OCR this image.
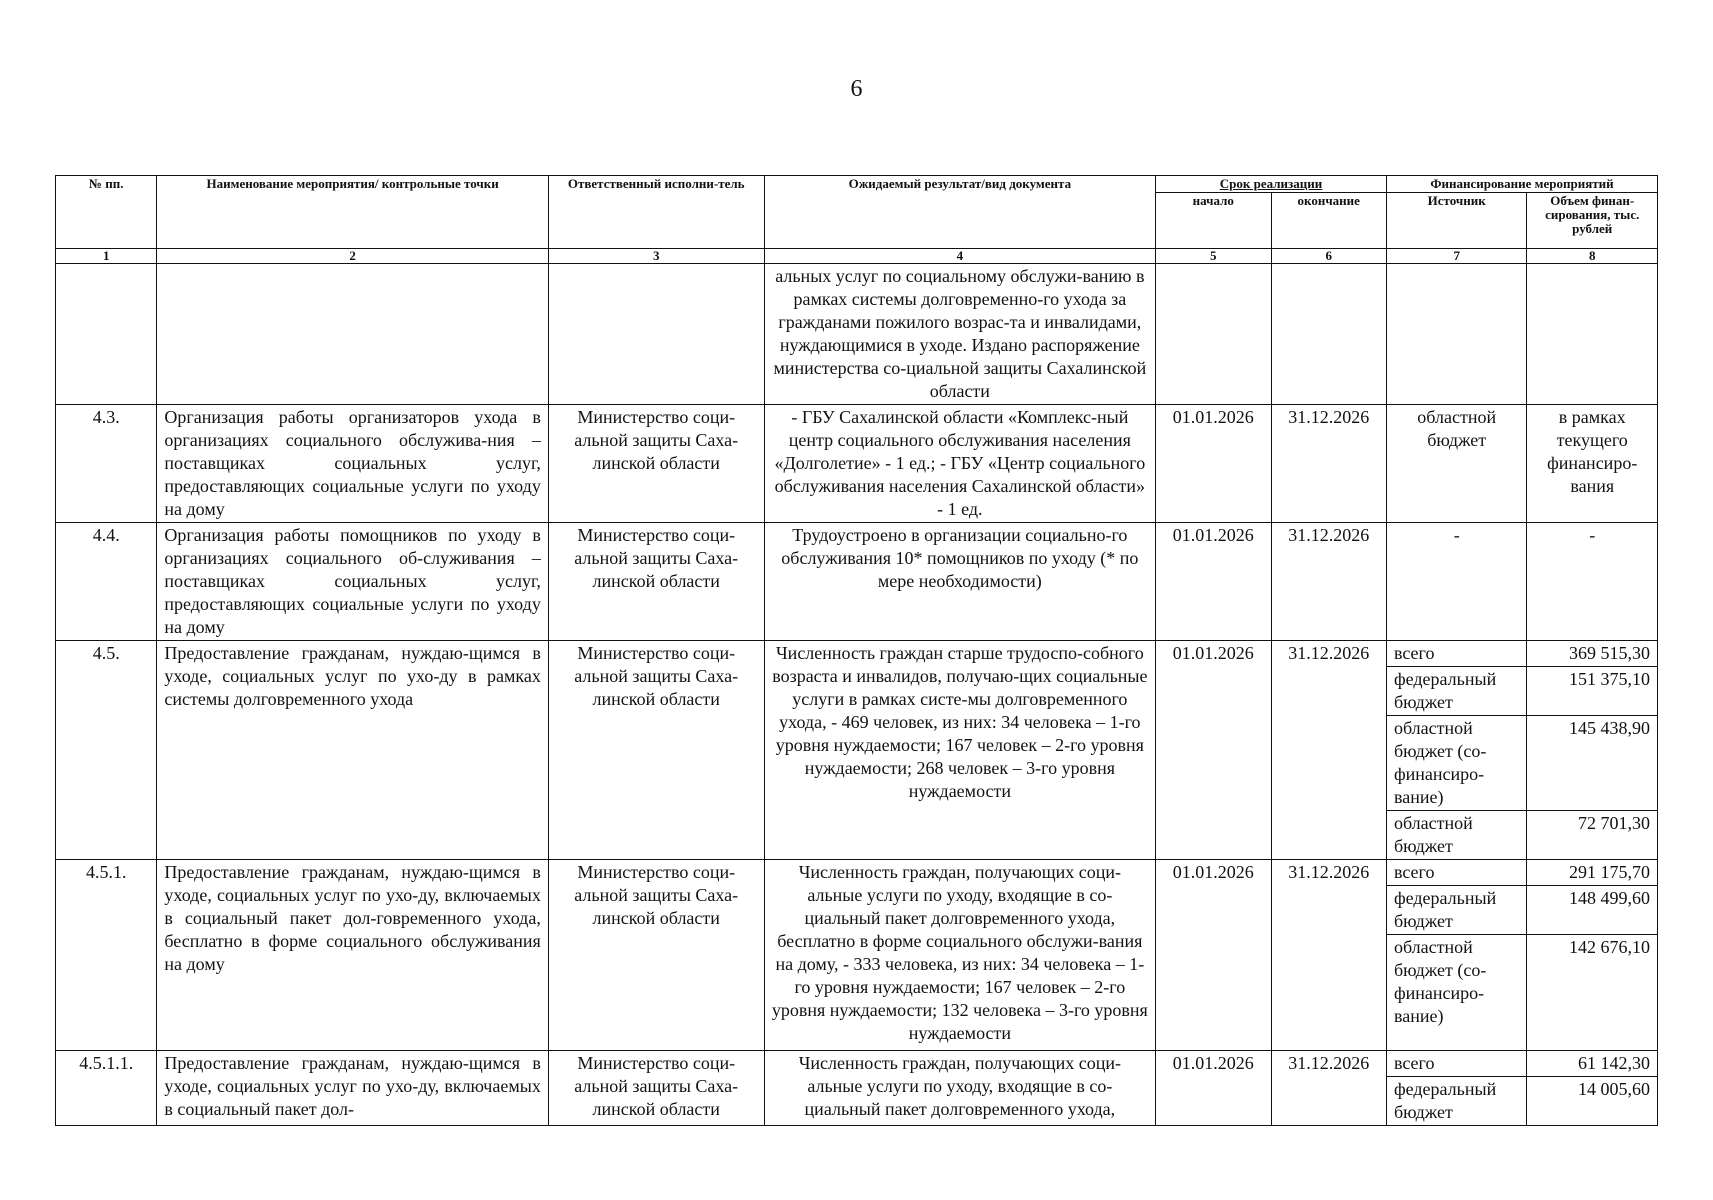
6
№ пп.	Наименование мероприятия/ контрольные точки	Ответственный исполни-тель	Ожидаемый результат/вид документа	Срок реализации		Финансирование мероприятий	
				начало	окончание	Источник	Объем финан-сирования, тыс. рублей
1	2	3	4	5	6	7	8
			альных услуг по социальному обслужи-ванию в рамках системы долговременно-го ухода за гражданами пожилого возрас-та и инвалидами, нуждающимися в уходе. Издано распоряжение министерства со-циальной защиты Сахалинской области				
4.3.	Организация работы организаторов ухода в организациях социального обслужива-ния – поставщиках социальных услуг, предоставляющих социальные услуги по уходу на дому	Министерство соци-альной защиты Саха-линской области	- ГБУ Сахалинской области «Комплекс-ный центр социального обслуживания населения «Долголетие» - 1 ед.; - ГБУ «Центр социального обслуживания населения Сахалинской области» - 1 ед.	01.01.2026	31.12.2026	областной бюджет	в рамках текущего финансиро-вания
4.4.	Организация работы помощников по уходу в организациях социального об-служивания – поставщиках социальных услуг, предоставляющих социальные услуги по уходу на дому	Министерство соци-альной защиты Саха-линской области	Трудоустроено в организации социально-го обслуживания 10* помощников по уходу (* по мере необходимости)	01.01.2026	31.12.2026	-	-
4.5.	Предоставление гражданам, нуждаю-щимся в уходе, социальных услуг по ухо-ду в рамках системы долговременного ухода	Министерство соци-альной защиты Саха-линской области	Численность граждан старше трудоспо-собного возраста и инвалидов, получаю-щих социальные услуги в рамках систе-мы долговременного ухода, - 469 человек, из них: 34 человека – 1-го уровня нуждаемости; 167 человек – 2-го уровня нуждаемости; 268 человек – 3-го уровня нуждаемости	01.01.2026	31.12.2026	всего	369 515,30
						федеральный бюджет	151 375,10
						областной бюджет (со-финансиро-вание)	145 438,90
						областной бюджет	72 701,30
4.5.1.	Предоставление гражданам, нуждаю-щимся в уходе, социальных услуг по ухо-ду, включаемых в социальный пакет дол-говременного ухода, бесплатно в форме социального обслуживания на дому	Министерство соци-альной защиты Саха-линской области	Численность граждан, получающих соци-альные услуги по уходу, входящие в со-циальный пакет долговременного ухода, бесплатно в форме социального обслужи-вания на дому, - 333 человека, из них: 34 человека – 1-го уровня нуждаемости; 167 человек – 2-го уровня нуждаемости; 132 человека – 3-го уровня нуждаемости	01.01.2026	31.12.2026	всего	291 175,70
						федеральный бюджет	148 499,60
						областной бюджет (со-финансиро-вание)	142 676,10
4.5.1.1.	Предоставление гражданам, нуждаю-щимся в уходе, социальных услуг по ухо-ду, включаемых в социальный пакет дол-	Министерство соци-альной защиты Саха-линской области	Численность граждан, получающих соци-альные услуги по уходу, входящие в со-циальный пакет долговременного ухода,	01.01.2026	31.12.2026	всего	61 142,30
						федеральный бюджет	14 005,60
